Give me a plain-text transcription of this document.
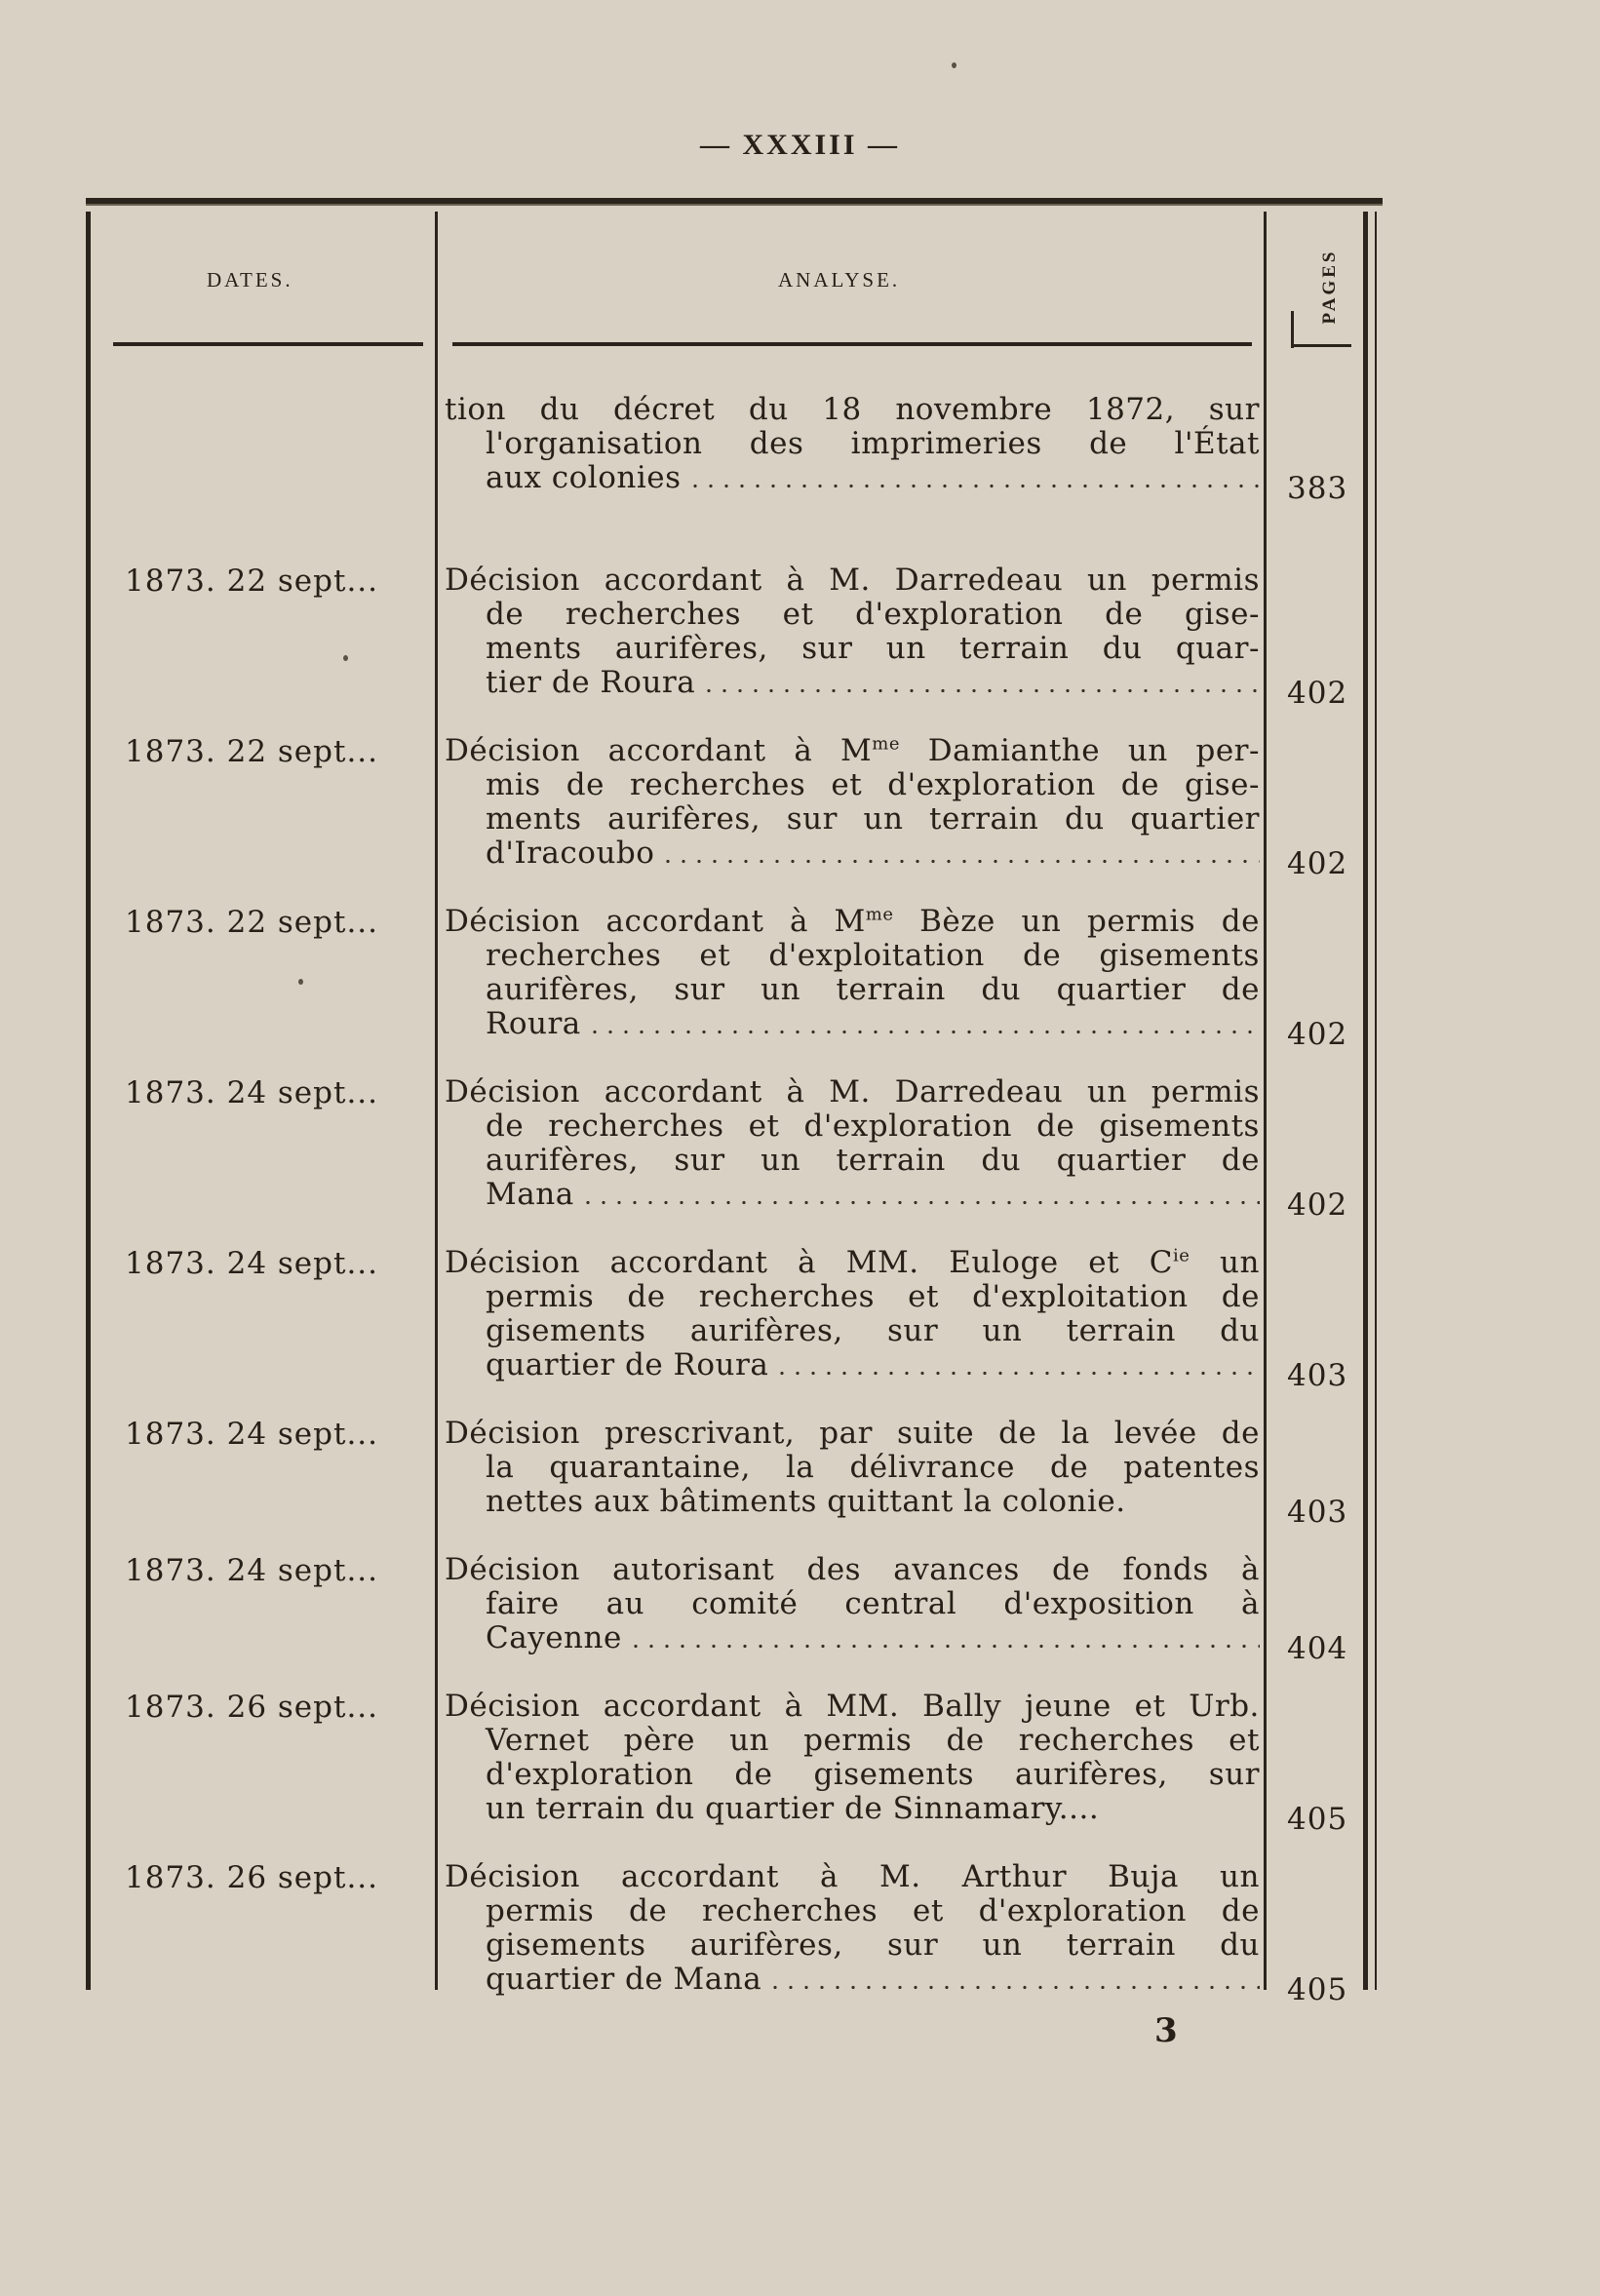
— XXXIII —
DATES.	ANALYSE.	PAGES
tion du décret du 18 novembre 1872, sur
l'organisation des imprimeries de l'État
aux colonies	383
1873. 22 sept... Décision accordant à M. Darredeau un permis
de recherches et d'exploration de gise-
ments aurifères, sur un terrain du quar-
tier de Roura	402
1873. 22 sept... Décision accordant à $M^{me}$ Damianthe un per-
mis de recherches et d'exploration de gise-
ments aurifères, sur un terrain du quartier
d'Iracoubo	402
1873. 22 sept... Décision accordant à $M^{me}$ Bèze un permis de
recherches et d'exploitation de gisements
aurifères, sur un terrain du quartier de
Roura	402
1873. 24 sept... Décision accordant à M. Darredeau un permis
de recherches et d'exploration de gisements
aurifères, sur un terrain du quartier de
Mana	402
1873. 24 sept... Décision accordant à MM. Euloge et $C^{ie}$ un
permis de recherches et d'exploitation de
gisements aurifères, sur un terrain du
quartier de Roura	403
1873. 24 sept... Décision prescrivant, par suite de la levée de
la quarantaine, la délivrance de patentes
nettes aux bâtiments quittant la colonie.	403
1873. 24 sept... Décision autorisant des avances de fonds à
faire au comité central d'exposition à
Cayenne	404
1873. 26 sept... Décision accordant à MM. Bally jeune et Urb.
Vernet père un permis de recherches et
d'exploration de gisements aurifères, sur
un terrain du quartier de Sinnamary....	405
1873. 26 sept... Décision accordant à M. Arthur Buja un
permis de recherches et d'exploration de
gisements aurifères, sur un terrain du
quartier de Mana	405
3
